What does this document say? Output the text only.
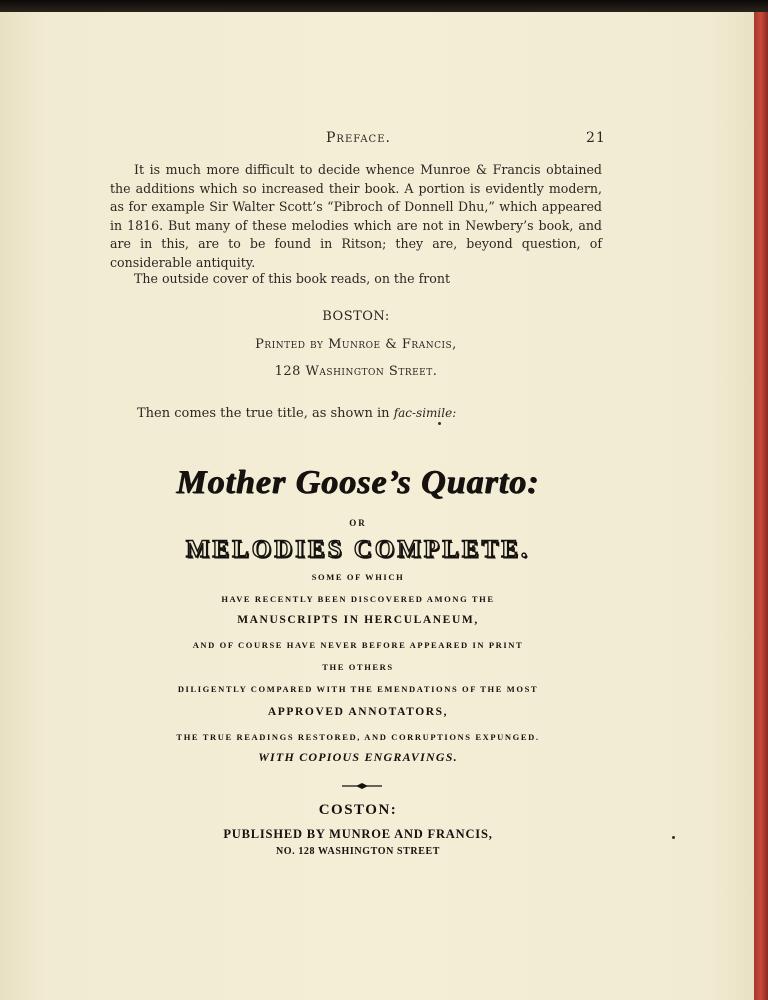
Preface.	21

It is much more difficult to decide whence Munroe & Francis obtained the additions which so increased their book. A portion is evidently modern, as for example Sir Walter Scott’s “Pibroch of Donnell Dhu,” which appeared in 1816. But many of these melodies which are not in Newbery’s book, and are in this, are to be found in Ritson; they are, beyond question, of considerable antiquity.

The outside cover of this book reads, on the front

BOSTON:
Printed by Munroe & Francis,
128 Washington Street.
Then comes the true title, as shown in fac-simile:
Mother Goose’s Quarto:
OR
MELODIES COMPLETE.
SOME OF WHICH
HAVE RECENTLY BEEN DISCOVERED AMONG THE
MANUSCRIPTS IN HERCULANEUM,
AND OF COURSE HAVE NEVER BEFORE APPEARED IN PRINT
THE OTHERS
DILIGENTLY COMPARED WITH THE EMENDATIONS OF THE MOST
APPROVED ANNOTATORS,
THE TRUE READINGS RESTORED, AND CORRUPTIONS EXPUNGED.
WITH COPIOUS ENGRAVINGS.
COSTON:
PUBLISHED BY MUNROE AND FRANCIS,
NO. 128 WASHINGTON STREET
